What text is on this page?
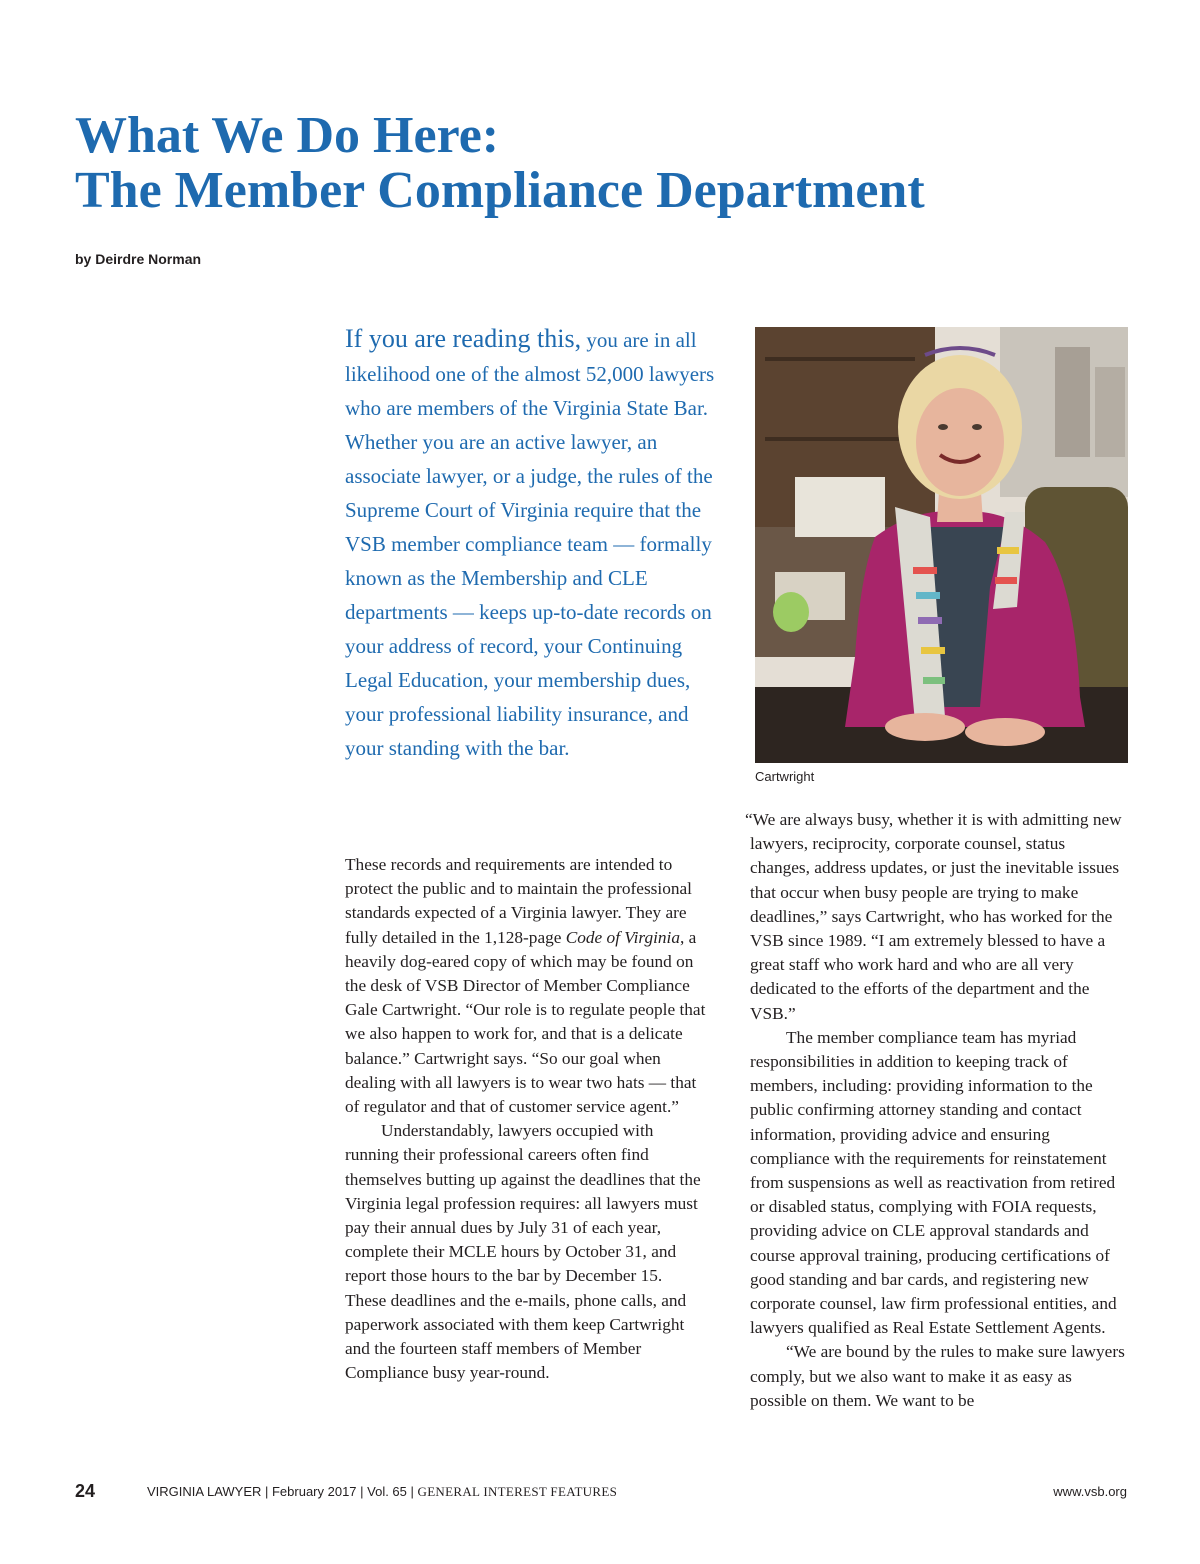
What We Do Here:
The Member Compliance Department

by Deirdre Norman

If you are reading this, you are in all likelihood one of the almost 52,000 lawyers who are members of the Virginia State Bar. Whether you are an active lawyer, an associate lawyer, or a judge, the rules of the Supreme Court of Virginia require that the VSB member compliance team — formally known as the Membership and CLE departments — keeps up-to-date records on your address of record, your Continuing Legal Education, your membership dues, your professional liability insurance, and your standing with the bar.

Cartwright

These records and requirements are intended to protect the public and to maintain the professional standards expected of a Virginia lawyer. They are fully detailed in the 1,128-page Code of Virginia, a heavily dog-eared copy of which may be found on the desk of VSB Director of Member Compliance Gale Cartwright. “Our role is to regulate people that we also happen to work for, and that is a delicate balance.” Cartwright says. “So our goal when dealing with all lawyers is to wear two hats — that of regulator and that of customer service agent.”

Understandably, lawyers occupied with running their professional careers often find themselves butting up against the deadlines that the Virginia legal profession requires: all lawyers must pay their annual dues by July 31 of each year, complete their MCLE hours by October 31, and report those hours to the bar by December 15. These deadlines and the e-mails, phone calls, and paperwork associated with them keep Cartwright and the fourteen staff members of Member Compliance busy year-round.

“We are always busy, whether it is with admitting new lawyers, reciprocity, corporate counsel, status changes, address updates, or just the inevitable issues that occur when busy people are trying to make deadlines,” says Cartwright, who has worked for the VSB since 1989. “I am extremely blessed to have a great staff who work hard and who are all very dedicated to the efforts of the department and the VSB.”

The member compliance team has myriad responsibilities in addition to keeping track of members, including: providing information to the public confirming attorney standing and contact information, providing advice and ensuring compliance with the requirements for reinstatement from suspensions as well as reactivation from retired or disabled status, complying with FOIA requests, providing advice on CLE approval standards and course approval training, producing certifications of good standing and bar cards, and registering new corporate counsel, law firm professional entities, and lawyers qualified as Real Estate Settlement Agents.

“We are bound by the rules to make sure lawyers comply, but we also want to make it as easy as possible on them. We want to be

24	VIRGINIA LAWYER | February 2017 | Vol. 65 | GENERAL INTEREST FEATURES	www.vsb.org
